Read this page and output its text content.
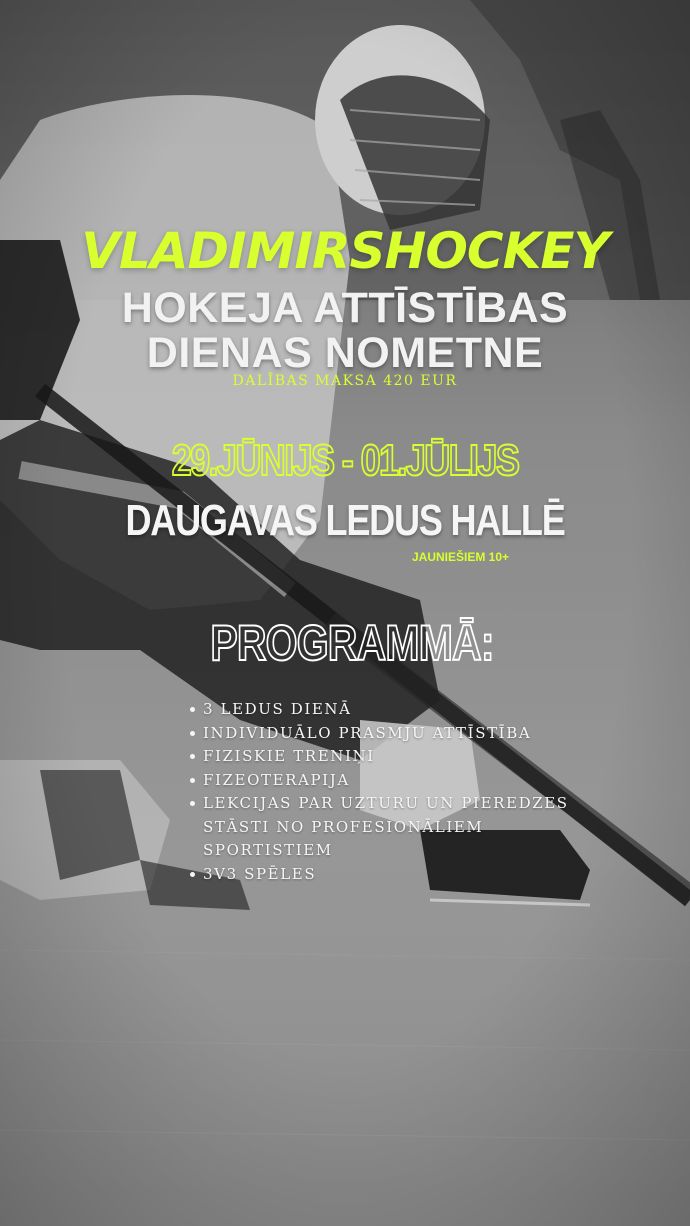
VLADIMIRSHOCKEY
HOKEJA ATTĪSTĪBAS
DIENAS NOMETNE
DALĪBAS MAKSA 420 EUR
29.JŪNIJS - 01.JŪLIJS
DAUGAVAS LEDUS HALLĒ
JAUNIEŠIEM 10+
PROGRAMMĀ:
3 LEDUS DIENĀ
INDIVIDUĀLO PRASMJU ATTĪSTĪBA
FIZISKIE TRENIŅI
FIZEOTERAPIJA
LEKCIJAS PAR UZTURU UN PIEREDZES STĀSTI NO PROFESIONĀLIEM SPORTISTIEM
3V3 SPĒLES
